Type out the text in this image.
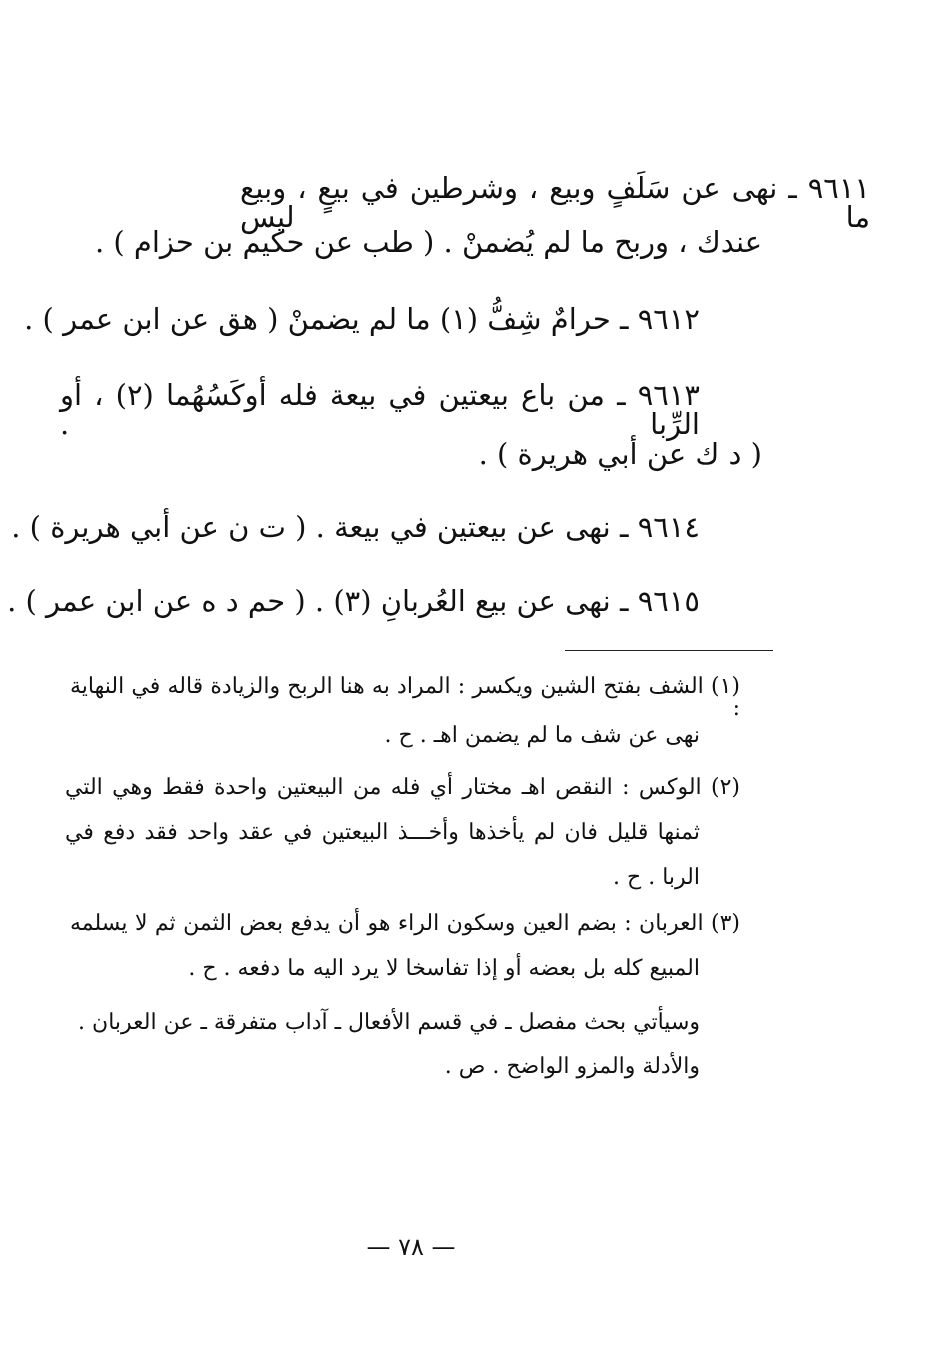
٩٦١١ ـ نهى عن سَلَفٍ وبيع ، وشرطين في بيعٍ ، وبيع ما ليس
عندك ، وربح ما لم يُضمنْ . ( طب عن حكيم بن حزام ) .
٩٦١٢ ـ حرامٌ شِفُّ (١) ما لم يضمنْ ( هق عن ابن عمر ) .
٩٦١٣ ـ من باع بيعتين في بيعة فله أوكَسُهُما (٢) ، أو الرِّبا .
( د ك عن أبي هريرة ) .
٩٦١٤ ـ نهى عن بيعتين في بيعة . ( ت ن عن أبي هريرة ) .
٩٦١٥ ـ نهى عن بيع العُربانِ (٣) . ( حم د ه عن ابن عمر ) .
(١) الشف بفتح الشين ويكسر : المراد به هنا الربح والزيادة قاله في النهاية :
نهى عن شف ما لم يضمن اهـ . ح .
(٢) الوكس : النقص اهـ مختار أي فله من البيعتين واحدة فقط وهي التي
ثمنها قليل فان لم يأخذها وأخـــذ البيعتين في عقد واحد فقد دفع في
الربا . ح .
(٣) العربان : بضم العين وسكون الراء هو أن يدفع بعض الثمن ثم لا يسلمه
المبيع كله بل بعضه أو إذا تفاسخا لا يرد اليه ما دفعه . ح .
وسيأتي بحث مفصل ـ في قسم الأفعال ـ آداب متفرقة ـ عن العربان .
والأدلة والمزو الواضح . ص .
— ٧٨ —
